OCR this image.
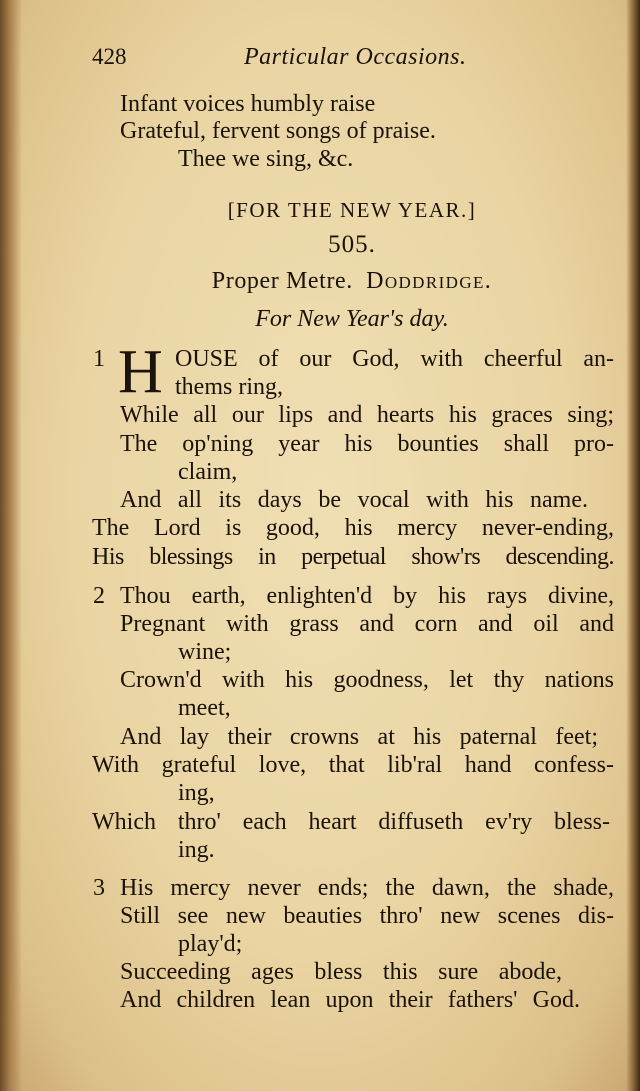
428	Particular Occasions.
Infant voices humbly raise
Grateful, fervent songs of praise.
Thee we sing, &c.
[FOR THE NEW YEAR.]
505.
Proper Metre. Doddridge.
For New Year's day.
1 H OUSE of our God, with cheerful an-
thems ring,
While all our lips and hearts his graces sing;
The op'ning year his bounties shall pro-
claim,
And all its days be vocal with his name.
The Lord is good, his mercy never-ending,
His blessings in perpetual show'rs descending.
2 Thou earth, enlighten'd by his rays divine,
Pregnant with grass and corn and oil and
wine;
Crown'd with his goodness, let thy nations
meet,
And lay their crowns at his paternal feet;
With grateful love, that lib'ral hand confess-
ing,
Which thro' each heart diffuseth ev'ry bless-
ing.
3 His mercy never ends; the dawn, the shade,
Still see new beauties thro' new scenes dis-
play'd;
Succeeding ages bless this sure abode,
And children lean upon their fathers' God.
